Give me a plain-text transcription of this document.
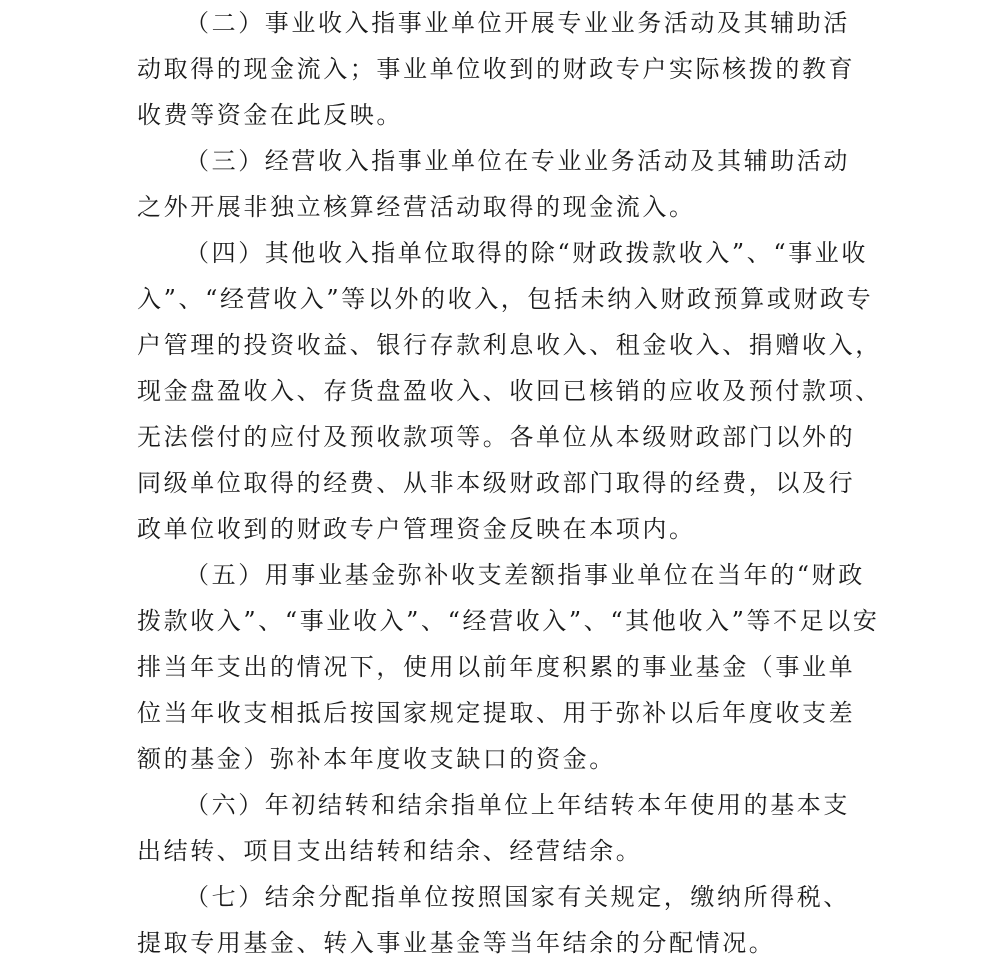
（二）事业收入指事业单位开展专业业务活动及其辅助活
动取得的现金流入；事业单位收到的财政专户实际核拨的教育
收费等资金在此反映。
（三）经营收入指事业单位在专业业务活动及其辅助活动
之外开展非独立核算经营活动取得的现金流入。
（四）其他收入指单位取得的除“财政拨款收入”、“事业收
入”、“经营收入”等以外的收入，包括未纳入财政预算或财政专
户管理的投资收益、银行存款利息收入、租金收入、捐赠收入，
现金盘盈收入、存货盘盈收入、收回已核销的应收及预付款项、
无法偿付的应付及预收款项等。各单位从本级财政部门以外的
同级单位取得的经费、从非本级财政部门取得的经费，以及行
政单位收到的财政专户管理资金反映在本项内。
（五）用事业基金弥补收支差额指事业单位在当年的“财政
拨款收入”、“事业收入”、“经营收入”、“其他收入”等不足以安
排当年支出的情况下，使用以前年度积累的事业基金（事业单
位当年收支相抵后按国家规定提取、用于弥补以后年度收支差
额的基金）弥补本年度收支缺口的资金。
（六）年初结转和结余指单位上年结转本年使用的基本支
出结转、项目支出结转和结余、经营结余。
（七）结余分配指单位按照国家有关规定，缴纳所得税、
提取专用基金、转入事业基金等当年结余的分配情况。
